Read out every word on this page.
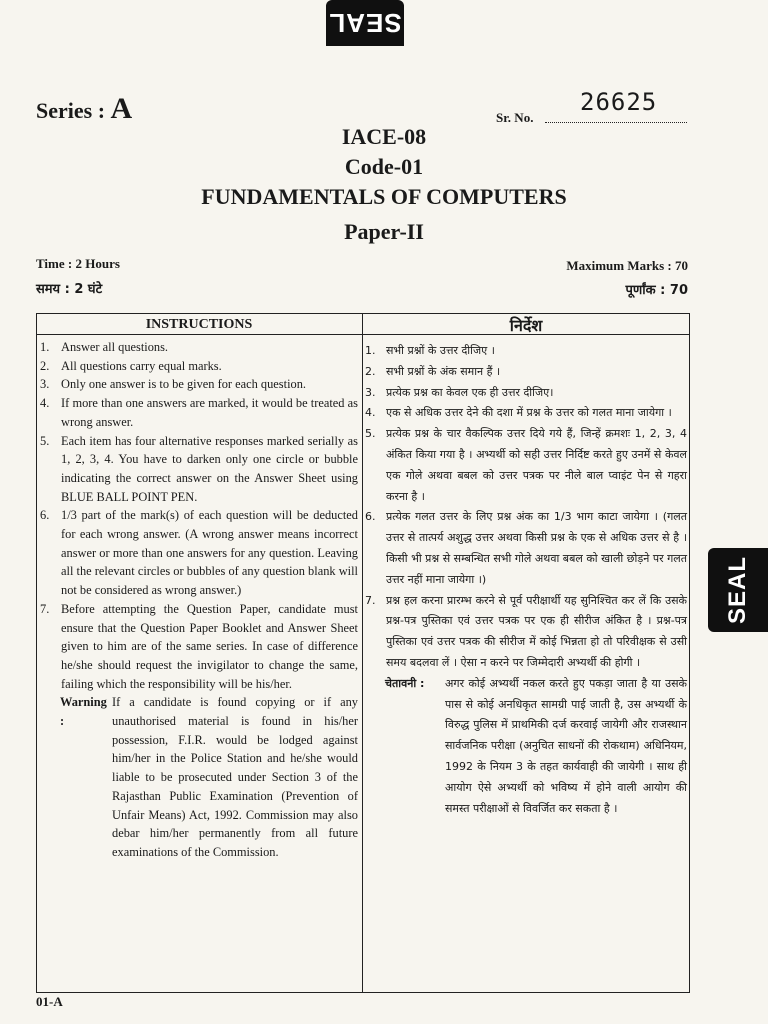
SEAL
SEAL
Series : A	26625
Sr. No.
IACE-08
Code-01
FUNDAMENTALS OF COMPUTERS
Paper-II
Time : 2 Hours
समय : 2 घंटे
Maximum Marks : 70
पूर्णांक : 70
INSTRUCTIONS	निर्देश
1. Answer all questions.
2. All questions carry equal marks.
3. Only one answer is to be given for each question.
4. If more than one answers are marked, it would be treated as wrong answer.
5. Each item has four alternative responses marked serially as 1, 2, 3, 4. You have to darken only one circle or bubble indicating the correct answer on the Answer Sheet using BLUE BALL POINT PEN.
6. 1/3 part of the mark(s) of each question will be deducted for each wrong answer. (A wrong answer means incorrect answer or more than one answers for any question. Leaving all the relevant circles or bubbles of any question blank will not be considered as wrong answer.)
7. Before attempting the Question Paper, candidate must ensure that the Question Paper Booklet and Answer Sheet given to him are of the same series. In case of difference he/she should request the invigilator to change the same, failing which the responsibility will be his/her.
Warning :
If a candidate is found copying or if any unauthorised material is found in his/her possession, F.I.R. would be lodged against him/her in the Police Station and he/she would liable to be prosecuted under Section 3 of the Rajasthan Public Examination (Prevention of Unfair Means) Act, 1992. Commission may also debar him/her permanently from all future examinations of the Commission.
1. सभी प्रश्नों के उत्तर दीजिए ।
2. सभी प्रश्नों के अंक समान हैं ।
3. प्रत्येक प्रश्न का केवल एक ही उत्तर दीजिए।
4. एक से अधिक उत्तर देने की दशा में प्रश्न के उत्तर को गलत माना जायेगा ।
5. प्रत्येक प्रश्न के चार वैकल्पिक उत्तर दिये गये हैं, जिन्हें क्रमशः 1, 2, 3, 4 अंकित किया गया है । अभ्यर्थी को सही उत्तर निर्दिष्ट करते हुए उनमें से केवल एक गोले अथवा बबल को उत्तर पत्रक पर नीले बाल प्वाइंट पेन से गहरा करना है ।
6. प्रत्येक गलत उत्तर के लिए प्रश्न अंक का 1/3 भाग काटा जायेगा । (गलत उत्तर से तात्पर्य अशुद्ध उत्तर अथवा किसी प्रश्न के एक से अधिक उत्तर से है । किसी भी प्रश्न से सम्बन्धित सभी गोले अथवा बबल को खाली छोड़ने पर गलत उत्तर नहीं माना जायेगा ।)
7. प्रश्न हल करना प्रारम्भ करने से पूर्व परीक्षार्थी यह सुनिश्चित कर लें कि उसके प्रश्न-पत्र पुस्तिका एवं उत्तर पत्रक पर एक ही सीरीज अंकित है । प्रश्न-पत्र पुस्तिका एवं उत्तर पत्रक की सीरीज में कोई भिन्नता हो तो परिवीक्षक से उसी समय बदलवा लें । ऐसा न करने पर जिम्मेदारी अभ्यर्थी की होगी ।
चेतावनी :	अगर कोई अभ्यर्थी नकल करते हुए पकड़ा जाता है या उसके पास से कोई अनधिकृत सामग्री पाई जाती है, उस अभ्यर्थी के विरुद्ध पुलिस में प्राथमिकी दर्ज करवाई जायेगी और राजस्थान सार्वजनिक परीक्षा (अनुचित साधनों की रोकथाम) अधिनियम, 1992 के नियम 3 के तहत कार्यवाही की जायेगी । साथ ही आयोग ऐसे अभ्यर्थी को भविष्य में होने वाली आयोग की समस्त परीक्षाओं से विवर्जित कर सकता है ।
01-A
